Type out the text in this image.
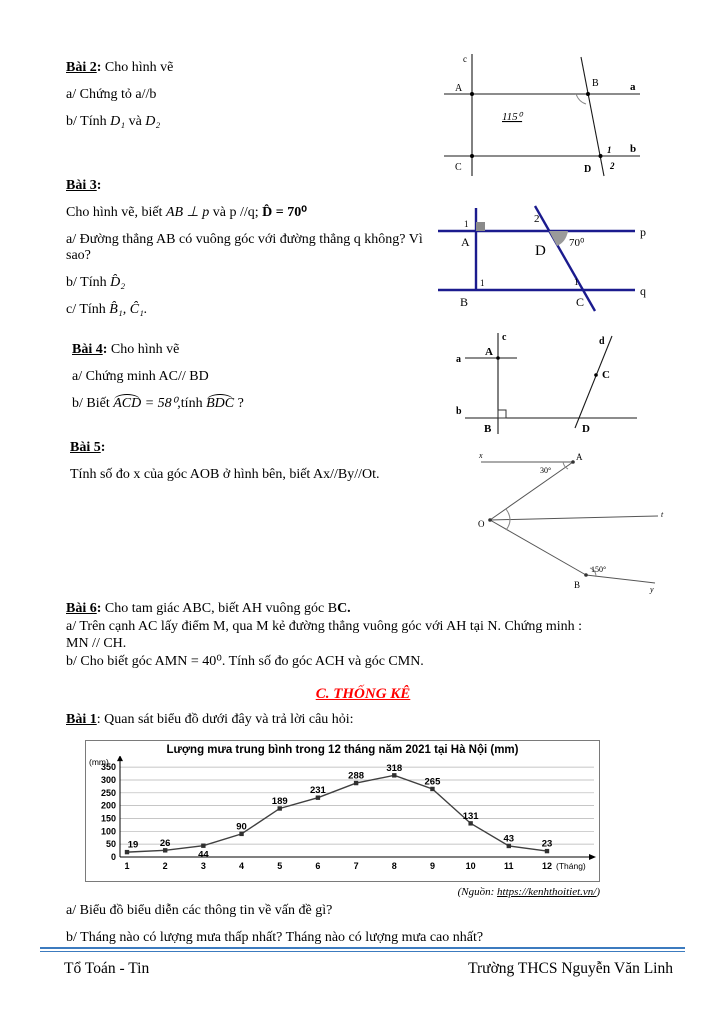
Bài 2: Cho hình vẽ

a/ Chứng tỏ a//b

b/ Tính D₁ và D₂

c
a
b
A	B
C	D
115⁰
1
2

Bài 3:

Cho hình vẽ, biết AB ⊥ p và p //q; D̂ = 70⁰

a/ Đường thẳng AB có vuông góc với đường thẳng q không? Vì sao?

b/ Tính D̂₂

c/ Tính B̂₁, Ĉ₁.

1	2
p
A
D 70⁰
1	1
B	C
q

Bài 4: Cho hình vẽ

a/ Chứng minh AC// BD

b/ Biết ACD = 58⁰,tính BDC ?

a
c	d
A
C
b
B	D

Bài 5:

Tính số đo x của góc AOB ở hình bên, biết Ax//By//Ot.

x	A
30°
O
t
150°
B	y

Bài 6: Cho tam giác ABC, biết AH vuông góc BC.

a/ Trên cạnh AC lấy điểm M, qua M kẻ đường thẳng vuông góc với AH tại N. Chứng minh :

MN // CH.

b/ Cho biết góc AMN = 40⁰. Tính số đo góc ACH và góc CMN.

C. THỐNG KÊ

Bài 1: Quan sát biểu đồ dưới đây và trả lời câu hỏi:

Lượng mưa trung bình trong 12 tháng năm 2021 tại Hà Nội (mm)
0
50
100
150
200
250
300
350
19
1
26
2
44
3
90
4
189
5
231
6
288
7
318
8
265
9
131
10
43
11
23
12
(mm)
(Tháng)
(Nguồn: https://kenhthoitiet.vn/)

a/ Biểu đồ biểu diễn các thông tin về vấn đề gì?

b/ Tháng nào có lượng mưa thấp nhất? Tháng nào có lượng mưa cao nhất?

Tổ Toán - Tin	Trường THCS Nguyễn Văn Linh
